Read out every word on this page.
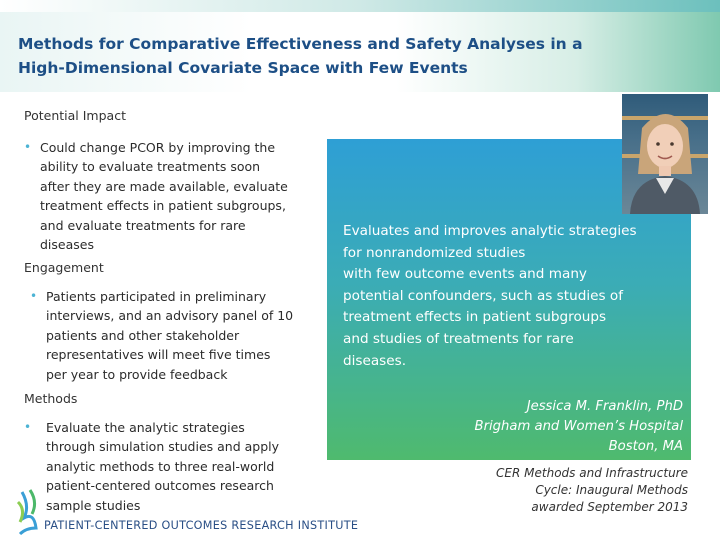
Methods for Comparative Effectiveness and Safety Analyses in a
High-Dimensional Covariate Space with Few Events

Potential Impact

• Could change PCOR by improving the
ability to evaluate treatments soon
after they are made available, evaluate
treatment effects in patient subgroups,
and evaluate treatments for rare
diseases

Engagement

• Patients participated in preliminary
interviews, and an advisory panel of 10
patients and other stakeholder
representatives will meet five times
per year to provide feedback

Methods

• Evaluate the analytic strategies
through simulation studies and apply
analytic methods to three real-world
patient-centered outcomes research
sample studies

Evaluates and improves analytic strategies
for nonrandomized studies
with few outcome events and many
potential confounders, such as studies of
treatment effects in patient subgroups
and studies of treatments for rare
diseases.

Jessica M. Franklin, PhD
Brigham and Women’s Hospital
Boston, MA

CER Methods and Infrastructure
Cycle: Inaugural Methods
awarded September 2013

PATIENT-CENTERED OUTCOMES RESEARCH INSTITUTE
